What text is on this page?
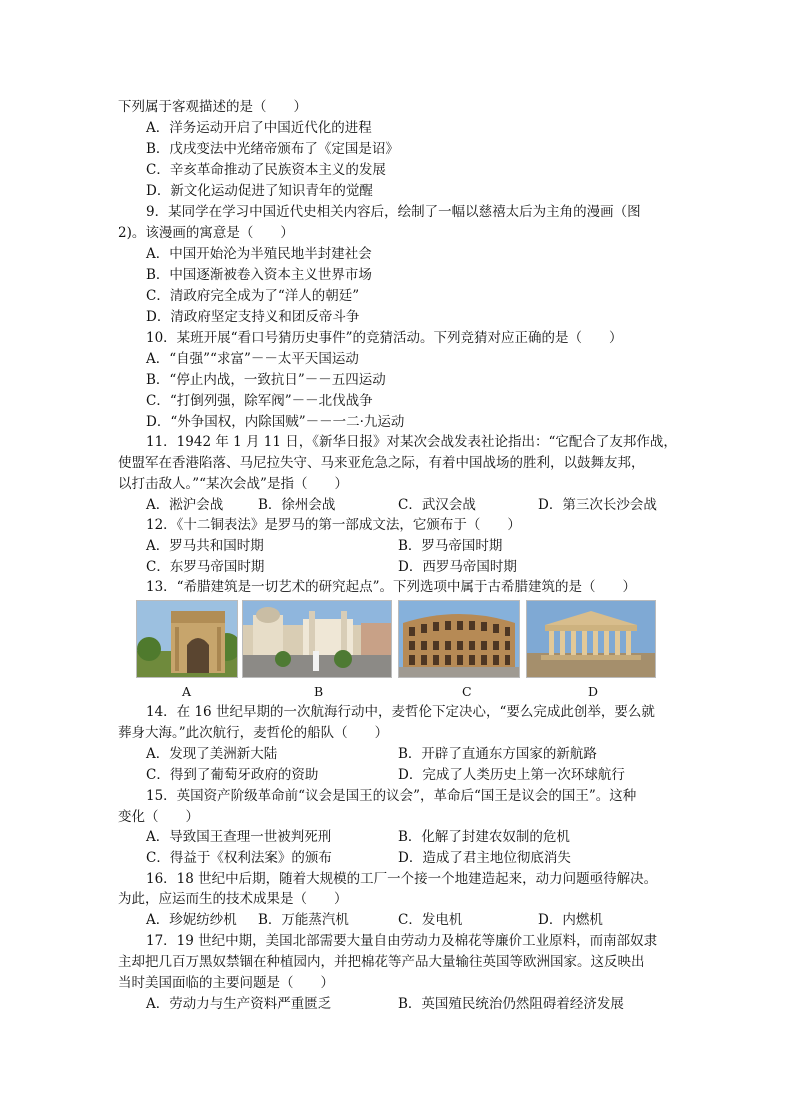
下列属于客观描述的是（　　）
A．洋务运动开启了中国近代化的进程
B．戊戌变法中光绪帝颁布了《定国是诏》
C．辛亥革命推动了民族资本主义的发展
D．新文化运动促进了知识青年的觉醒
9．某同学在学习中国近代史相关内容后，绘制了一幅以慈禧太后为主角的漫画（图
2)。该漫画的寓意是（　　）
A．中国开始沦为半殖民地半封建社会
B．中国逐渐被卷入资本主义世界市场
C．清政府完全成为了“洋人的朝廷”
D．清政府坚定支持义和团反帝斗争
10．某班开展“看口号猜历史事件”的竞猜活动。下列竞猜对应正确的是（　　）
A．“自强”“求富”－－太平天国运动
B．“停止内战，一致抗日”－－五四运动
C．“打倒列强，除军阀”－－北伐战争
D．“外争国权，内除国贼”－－一二·九运动
11．1942 年 1 月 11 日，《新华日报》对某次会战发表社论指出：“它配合了友邦作战，
使盟军在香港陷落、马尼拉失守、马来亚危急之际，有着中国战场的胜利，以鼓舞友邦，
以打击敌人。”“某次会战”是指（　　）
A．淞沪会战	B．徐州会战	C．武汉会战	D．第三次长沙会战
12．《十二铜表法》是罗马的第一部成文法，它颁布于（　　）
A．罗马共和国时期	B．罗马帝国时期
C．东罗马帝国时期	D．西罗马帝国时期
13．“希腊建筑是一切艺术的研究起点”。下列选项中属于古希腊建筑的是（　　）
A	B	C	D
14．在 16 世纪早期的一次航海行动中，麦哲伦下定决心，“要么完成此创举，要么就
葬身大海。”此次航行，麦哲伦的船队（　　）
A．发现了美洲新大陆	B．开辟了直通东方国家的新航路
C．得到了葡萄牙政府的资助	D．完成了人类历史上第一次环球航行
15．英国资产阶级革命前“议会是国王的议会”，革命后“国王是议会的国王”。这种
变化（　　）
A．导致国王查理一世被判死刑	B．化解了封建农奴制的危机
C．得益于《权利法案》的颁布	D．造成了君主地位彻底消失
16．18 世纪中后期，随着大规模的工厂一个接一个地建造起来，动力问题亟待解决。
为此，应运而生的技术成果是（　　）
A．珍妮纺纱机 B．万能蒸汽机	C．发电机	D．内燃机
17．19 世纪中期，美国北部需要大量自由劳动力及棉花等廉价工业原料，而南部奴隶
主却把几百万黑奴禁锢在种植园内，并把棉花等产品大量输往英国等欧洲国家。这反映出
当时美国面临的主要问题是（　　）
A．劳动力与生产资料严重匮乏	B．英国殖民统治仍然阻碍着经济发展
